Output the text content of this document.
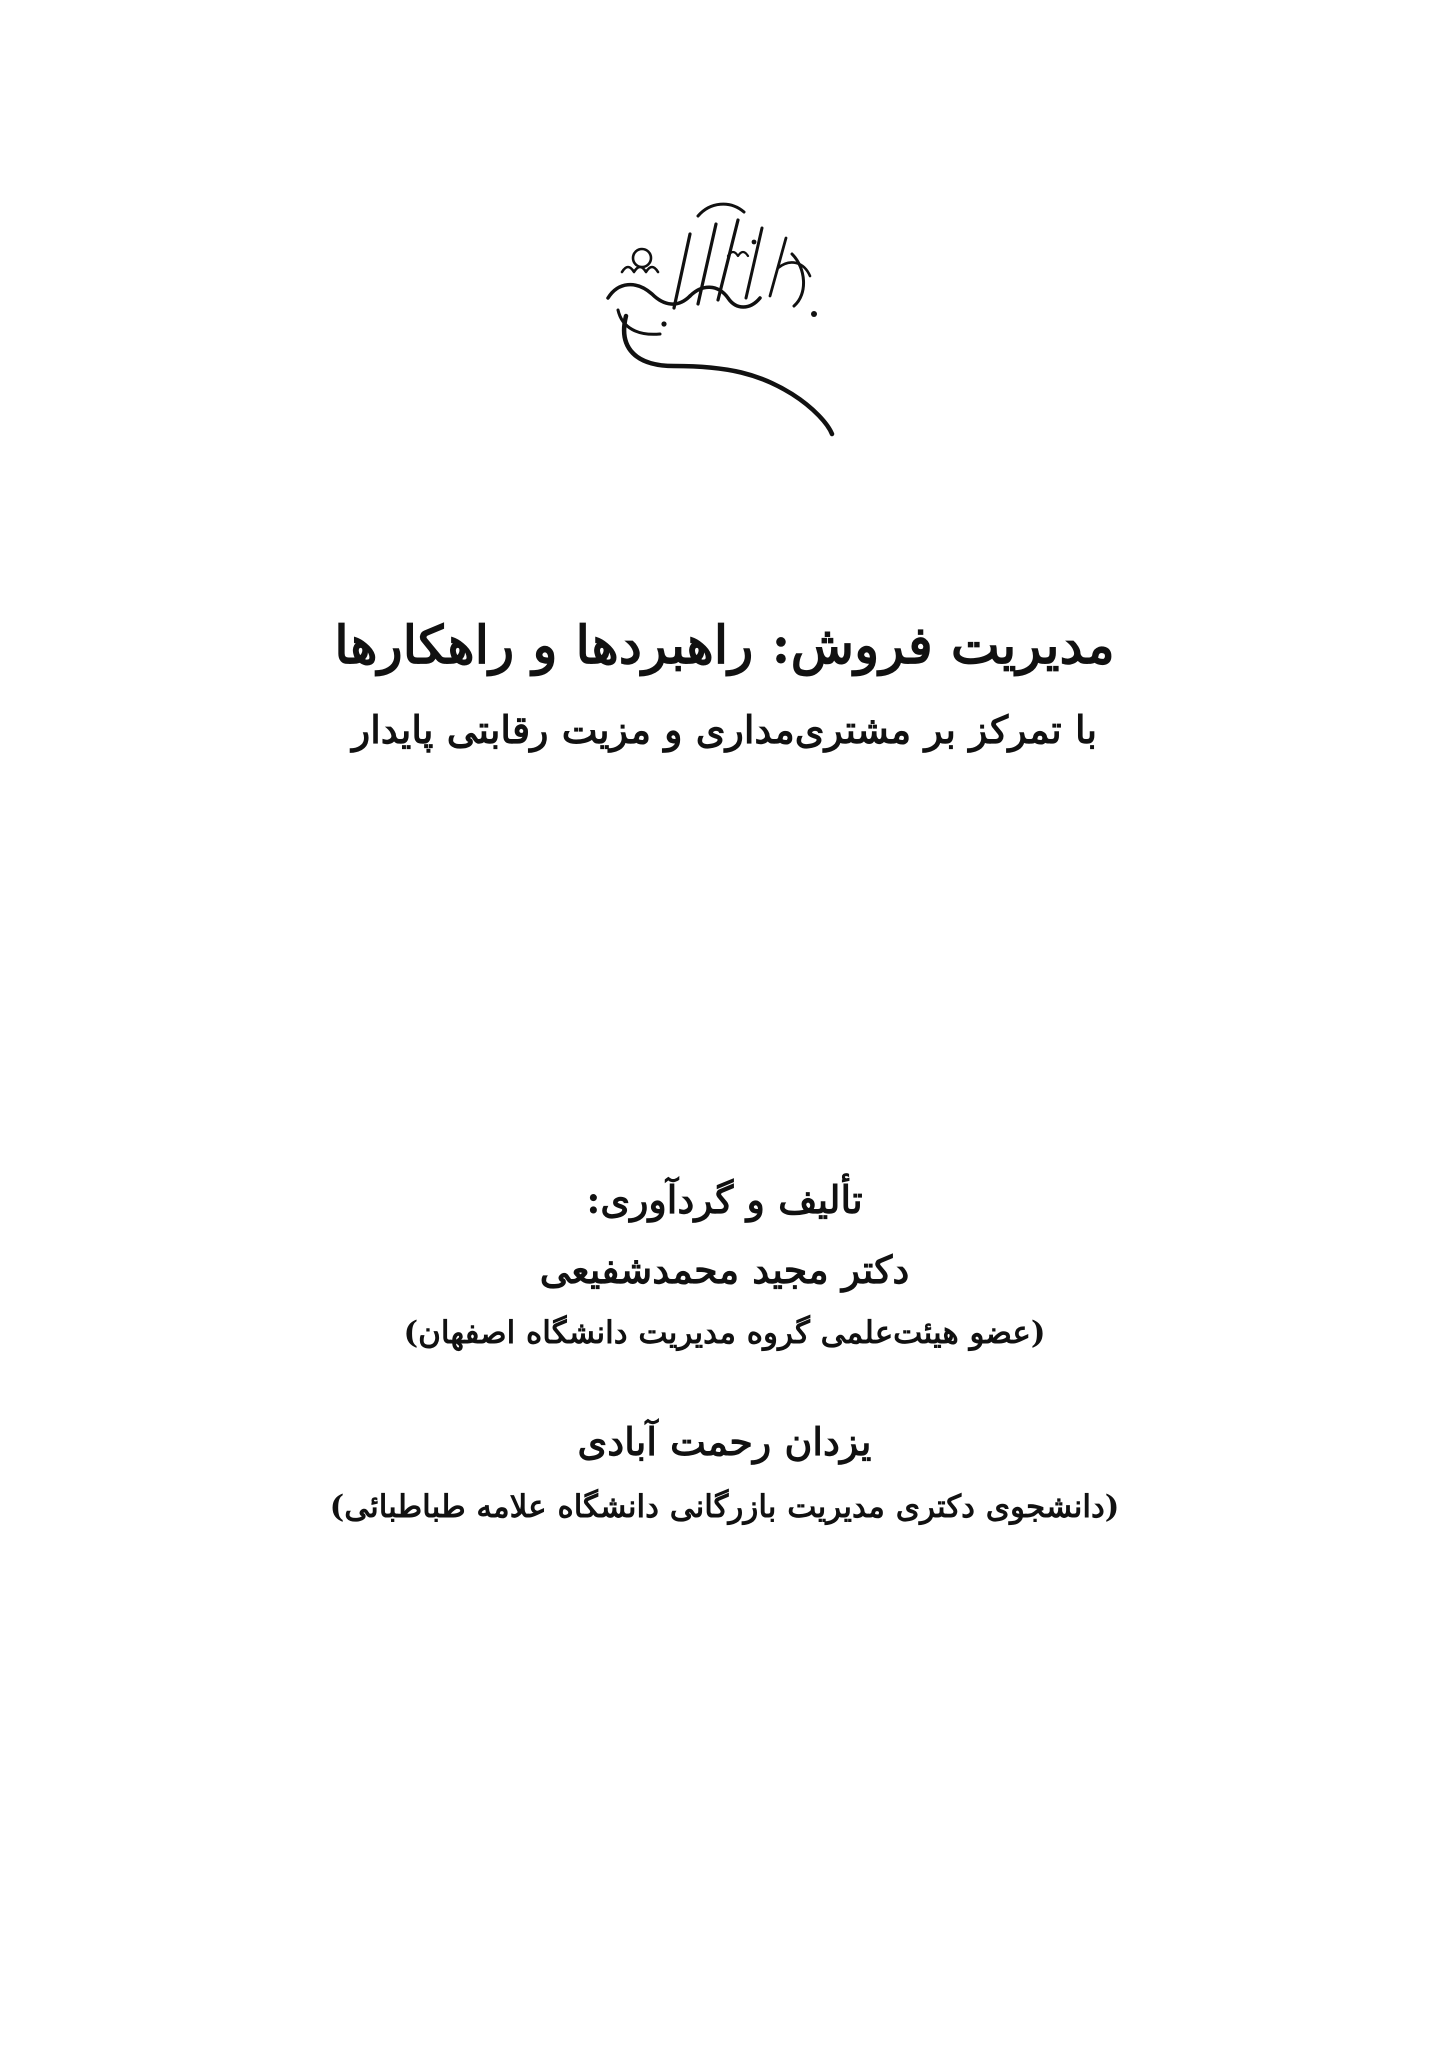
مدیریت فروش: راهبردها و راهکارها
با تمرکز بر مشتری‌مداری و مزیت رقابتی پایدار
تألیف و گردآوری:
دکتر مجید محمدشفیعی
(عضو هیئت‌علمی گروه مدیریت دانشگاه اصفهان)
یزدان رحمت آبادی
(دانشجوی دکتری مدیریت بازرگانی دانشگاه علامه طباطبائی)
